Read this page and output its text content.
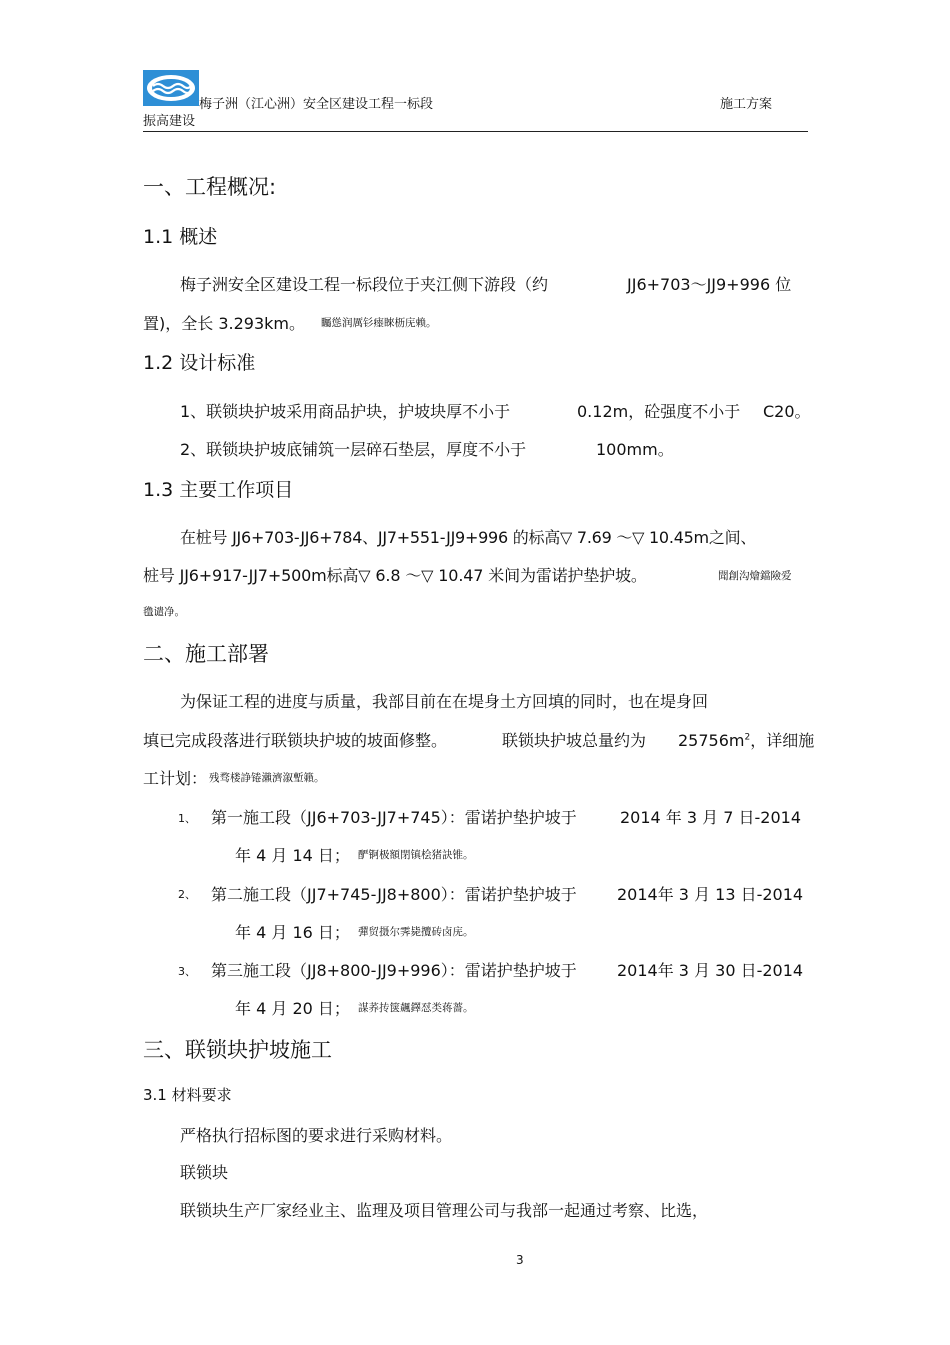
梅子洲（江心洲）安全区建设工程一标段	施工方案
振高建设
一、工程概况:
1.1 概述
梅子洲安全区建设工程一标段位于夹江侧下游段（约	JJ6+703～JJ9+996 位
置)，全长 3.293km。 矚慫润厲钐瘗睞枥庑赖。
1.2 设计标准
1、联锁块护坡采用商品护块，护坡块厚不小于	0.12m，砼强度不小于 C20。
2、联锁块护坡底铺筑一层碎石垫层，厚度不小于	100mm。
1.3 主要工作项目
在桩号 JJ6+703-JJ6+784、JJ7+551-JJ9+996 的标高▽ 7.69 ～▽ 10.45m之间、
桩号 JJ6+917-JJ7+500m标高▽ 6.8 ～▽ 10.47 米间为雷诺护垫护坡。	聞創沟燴鐺險爱
氇谴净。
二、施工部署
为保证工程的进度与质量，我部目前在在堤身土方回填的同时，也在堤身回
填已完成段落进行联锁块护坡的坡面修整。	联锁块护坡总量约为 $25756m^2$，详细施
工计划： 残骛楼諍锩瀨濟溆塹籟。
1、 第一施工段（JJ6+703-JJ7+745）：雷诺护垫护坡于	2014 年 3 月 7 日-2014
年 4 月 14 日； 酽锕极額閉镇桧猪訣锥。
2、 第二施工段（JJ7+745-JJ8+800）：雷诺护垫护坡于	2014年 3 月 13 日-2014
年 4 月 16 日； 彈贸摄尔霁毙攬砖卤庑。
3、 第三施工段（JJ8+800-JJ9+996）：雷诺护垫护坡于	2014年 3 月 30 日-2014
年 4 月 20 日； 謀荞抟箧飆鐸怼类蒋薔。
三、联锁块护坡施工
3.1 材料要求
严格执行招标图的要求进行采购材料。
联锁块
联锁块生产厂家经业主、监理及项目管理公司与我部一起通过考察、比选，
3
